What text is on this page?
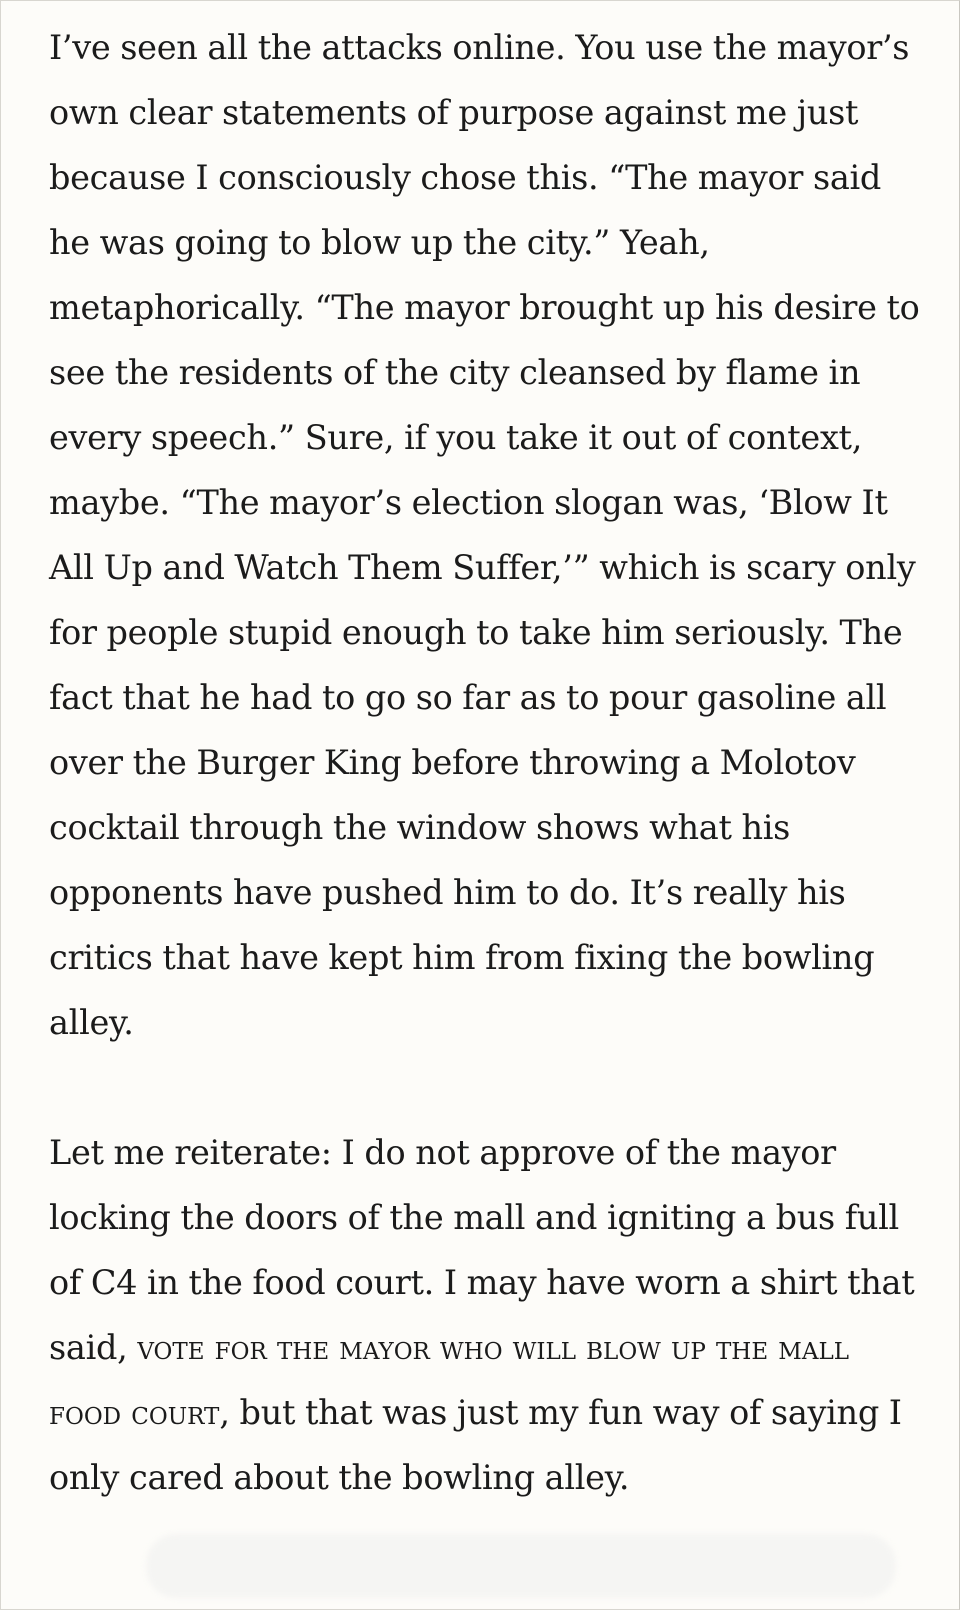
I’ve seen all the attacks online. You use the mayor’s own clear statements of purpose against me just because I consciously chose this. “The mayor said he was going to blow up the city.” Yeah, metaphorically. “The mayor brought up his desire to see the residents of the city cleansed by flame in every speech.” Sure, if you take it out of context, maybe. “The mayor’s election slogan was, ‘Blow It All Up and Watch Them Suffer,’” which is scary only for people stupid enough to take him seriously. The fact that he had to go so far as to pour gasoline all over the Burger King before throwing a Molotov cocktail through the window shows what his opponents have pushed him to do. It’s really his critics that have kept him from fixing the bowling alley.

Let me reiterate: I do not approve of the mayor locking the doors of the mall and igniting a bus full of C4 in the food court. I may have worn a shirt that said, vote for the mayor who will blow up the mall food court, but that was just my fun way of saying I only cared about the bowling alley.
